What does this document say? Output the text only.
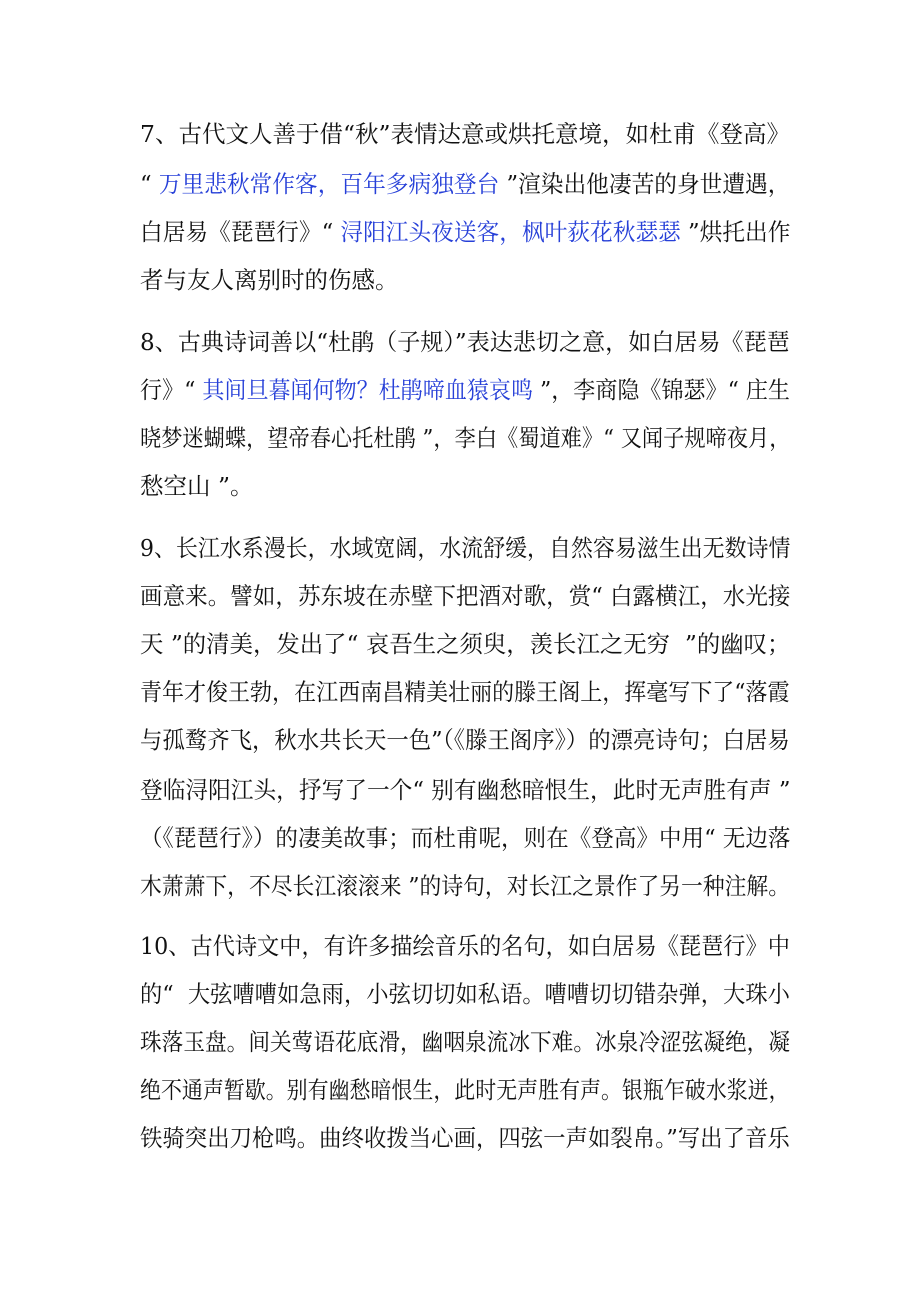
7、古代文人善于借“秋”表情达意或烘托意境，如杜甫《登高》
“ 万里悲秋常作客，百年多病独登台 ”渲染出他凄苦的身世遭遇，
白居易《琵琶行》“ 浔阳江头夜送客，枫叶荻花秋瑟瑟 ”烘托出作
者与友人离别时的伤感。
8、古典诗词善以“杜鹃（子规）”表达悲切之意，如白居易《琵琶
行》“ 其间旦暮闻何物？杜鹃啼血猿哀鸣 ”，李商隐《锦瑟》“ 庄生
晓梦迷蝴蝶，望帝春心托杜鹃 ”，李白《蜀道难》“ 又闻子规啼夜月，
愁空山 ”。
9、长江水系漫长，水域宽阔，水流舒缓，自然容易滋生出无数诗情
画意来。譬如，苏东坡在赤壁下把酒对歌，赏“ 白露横江，水光接
天 ”的清美，发出了“ 哀吾生之须臾，羡长江之无穷  ”的幽叹；
青年才俊王勃，在江西南昌精美壮丽的滕王阁上，挥毫写下了“落霞
与孤鹜齐飞，秋水共长天一色”（《滕王阁序》）的漂亮诗句；白居易
登临浔阳江头，抒写了一个“ 别有幽愁暗恨生，此时无声胜有声 ”
（《琵琶行》）的凄美故事；而杜甫呢，则在《登高》中用“ 无边落
木萧萧下，不尽长江滚滚来 ”的诗句，对长江之景作了另一种注解。
10、古代诗文中，有许多描绘音乐的名句，如白居易《琵琶行》中
的“  大弦嘈嘈如急雨，小弦切切如私语。嘈嘈切切错杂弹，大珠小
珠落玉盘。间关莺语花底滑，幽咽泉流冰下难。冰泉冷涩弦凝绝，凝
绝不通声暂歇。别有幽愁暗恨生，此时无声胜有声。银瓶乍破水浆迸，
铁骑突出刀枪鸣。曲终收拨当心画，四弦一声如裂帛。”写出了音乐
